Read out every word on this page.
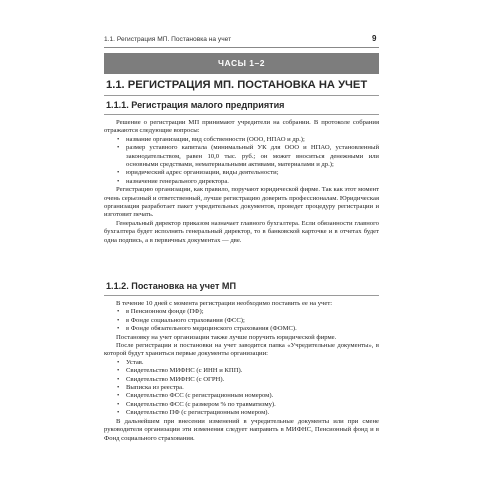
1.1. Регистрация МП. Постановка на учет	9
ЧАСЫ 1–2
1.1. РЕГИСТРАЦИЯ МП. ПОСТАНОВКА НА УЧЕТ
1.1.1. Регистрация малого предприятия

Решение о регистрации МП принимают учредители на собрании. В протоколе собрания отражаются следующие вопросы:

• название организации, вид собственности (ООО, НПАО и др.);
• размер уставного капитала (минимальный УК для ООО и НПАО, установленный законодательством, равен 10,0 тыс. руб.; он может вноситься денежными или основными средствами, нематериальными активами, материалами и др.);
• юридический адрес организации, виды деятельности;
• назначение генерального директора.

Регистрацию организации, как правило, поручают юридической фирме. Так как этот момент очень серьезный и ответственный, лучше регистрацию доверить профессионалам. Юридическая организация разработает пакет учредительных документов, проведет процедуру регистрации и изготовит печать.

Генеральный директор приказом назначает главного бухгалтера. Если обязанности главного бухгалтера будет исполнять генеральный директор, то в банковской карточке и в отчетах будет одна подпись, а в первичных документах — две.

1.1.2. Постановка на учет МП

В течение 10 дней с момента регистрации необходимо поставить ее на учет:

• в Пенсионном фонде (ПФ);
• в Фонде социального страхования (ФСС);
• в Фонде обязательного медицинского страхования (ФОМС).

Постановку на учет организации также лучше поручить юридической фирме.

После регистрации и постановки на учет заводится папка «Учредительные документы», в которой будут храниться первые документы организации:

• Устав.
• Свидетельство МИФНС (с ИНН и КПП).
• Свидетельство МИФНС (с ОГРН).
• Выписка из реестра.
• Свидетельство ФСС (с регистрационным номером).
• Свидетельство ФСС (с размером % по травматизму).
• Свидетельство ПФ (с регистрационным номером).

В дальнейшем при внесении изменений в учредительные документы или при смене руководителя организации эти изменения следует направить в МИФНС, Пенсионный фонд и в Фонд социального страхования.
